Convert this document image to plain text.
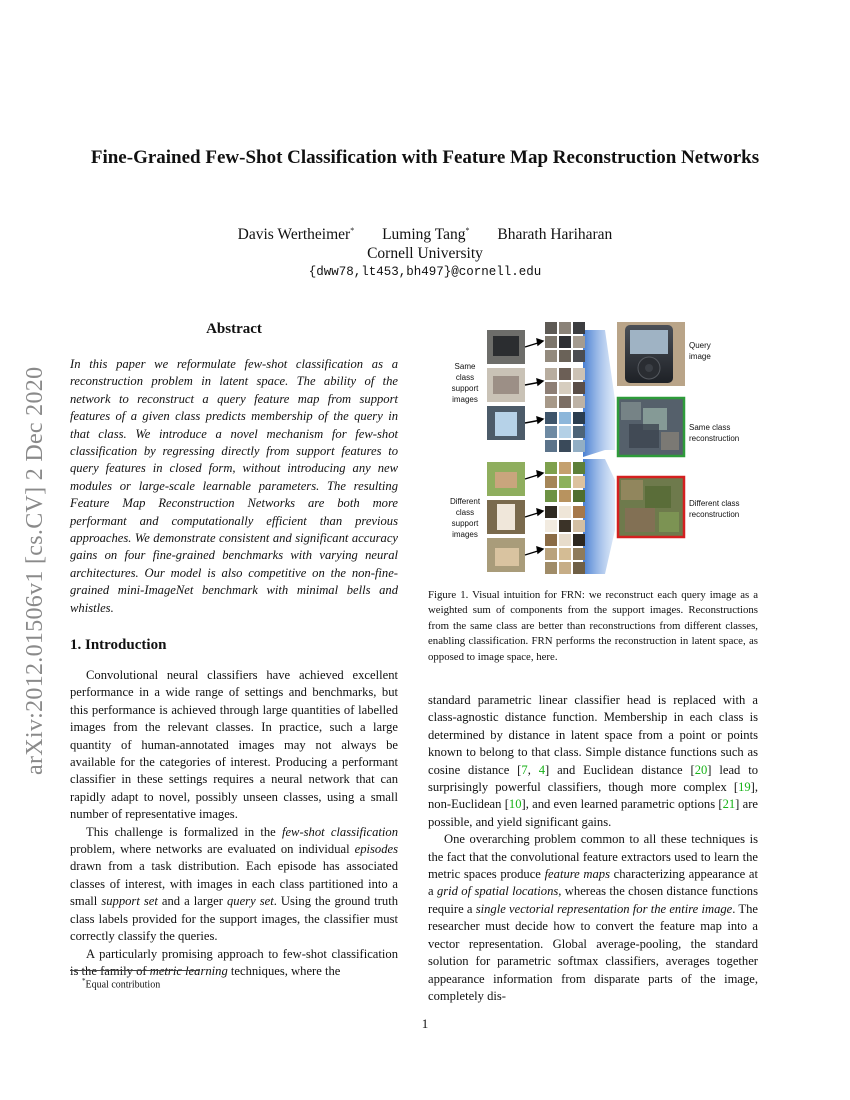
Fine-Grained Few-Shot Classification with Feature Map Reconstruction Networks
Davis Wertheimer* Luming Tang* Bharath Hariharan
Cornell University
{dww78,lt453,bh497}@cornell.edu
arXiv:2012.01506v1 [cs.CV] 2 Dec 2020
Abstract
In this paper we reformulate few-shot classification as a reconstruction problem in latent space. The ability of the network to reconstruct a query feature map from support features of a given class predicts membership of the query in that class. We introduce a novel mechanism for few-shot classification by regressing directly from support features to query features in closed form, without introducing any new modules or large-scale learnable parameters. The resulting Feature Map Reconstruction Networks are both more performant and computationally efficient than previous approaches. We demonstrate consistent and significant accuracy gains on four fine-grained benchmarks with varying neural architectures. Our model is also competitive on the non-fine-grained mini-ImageNet benchmark with minimal bells and whistles.
1. Introduction

Convolutional neural classifiers have achieved excellent performance in a wide range of settings and benchmarks, but this performance is achieved through large quantities of labelled images from the relevant classes. In practice, such a large quantity of human-annotated images may not always be available for the categories of interest. Producing a performant classifier in these settings requires a neural network that can rapidly adapt to novel, possibly unseen classes, using a small number of representative images.

This challenge is formalized in the few-shot classification problem, where networks are evaluated on individual episodes drawn from a task distribution. Each episode has associated classes of interest, with images in each class partitioned into a small support set and a larger query set. Using the ground truth class labels provided for the support images, the classifier must correctly classify the queries.

A particularly promising approach to few-shot classification is the family of metric learning techniques, where the

standard parametric linear classifier head is replaced with a class-agnostic distance function. Membership in each class is determined by distance in latent space from a point or points known to belong to that class. Simple distance functions such as cosine distance [7, 4] and Euclidean distance [20] lead to surprisingly powerful classifiers, though more complex [19], non-Euclidean [10], and even learned parametric options [21] are possible, and yield significant gains.

One overarching problem common to all these techniques is the fact that the convolutional feature extractors used to learn the metric spaces produce feature maps characterizing appearance at a grid of spatial locations, whereas the chosen distance functions require a single vectorial representation for the entire image. The researcher must decide how to convert the feature map into a vector representation. Global average-pooling, the standard solution for parametric softmax classifiers, averages together appearance information from disparate parts of the image, completely dis-

Same
class
support
images
Different
class
support
images
Query
image
Same class
reconstruction
Different class
reconstruction
Figure 1. Visual intuition for FRN: we reconstruct each query image as a weighted sum of components from the support images. Reconstructions from the same class are better than reconstructions from different classes, enabling classification. FRN performs the reconstruction in latent space, as opposed to image space, here.
*Equal contribution
1
